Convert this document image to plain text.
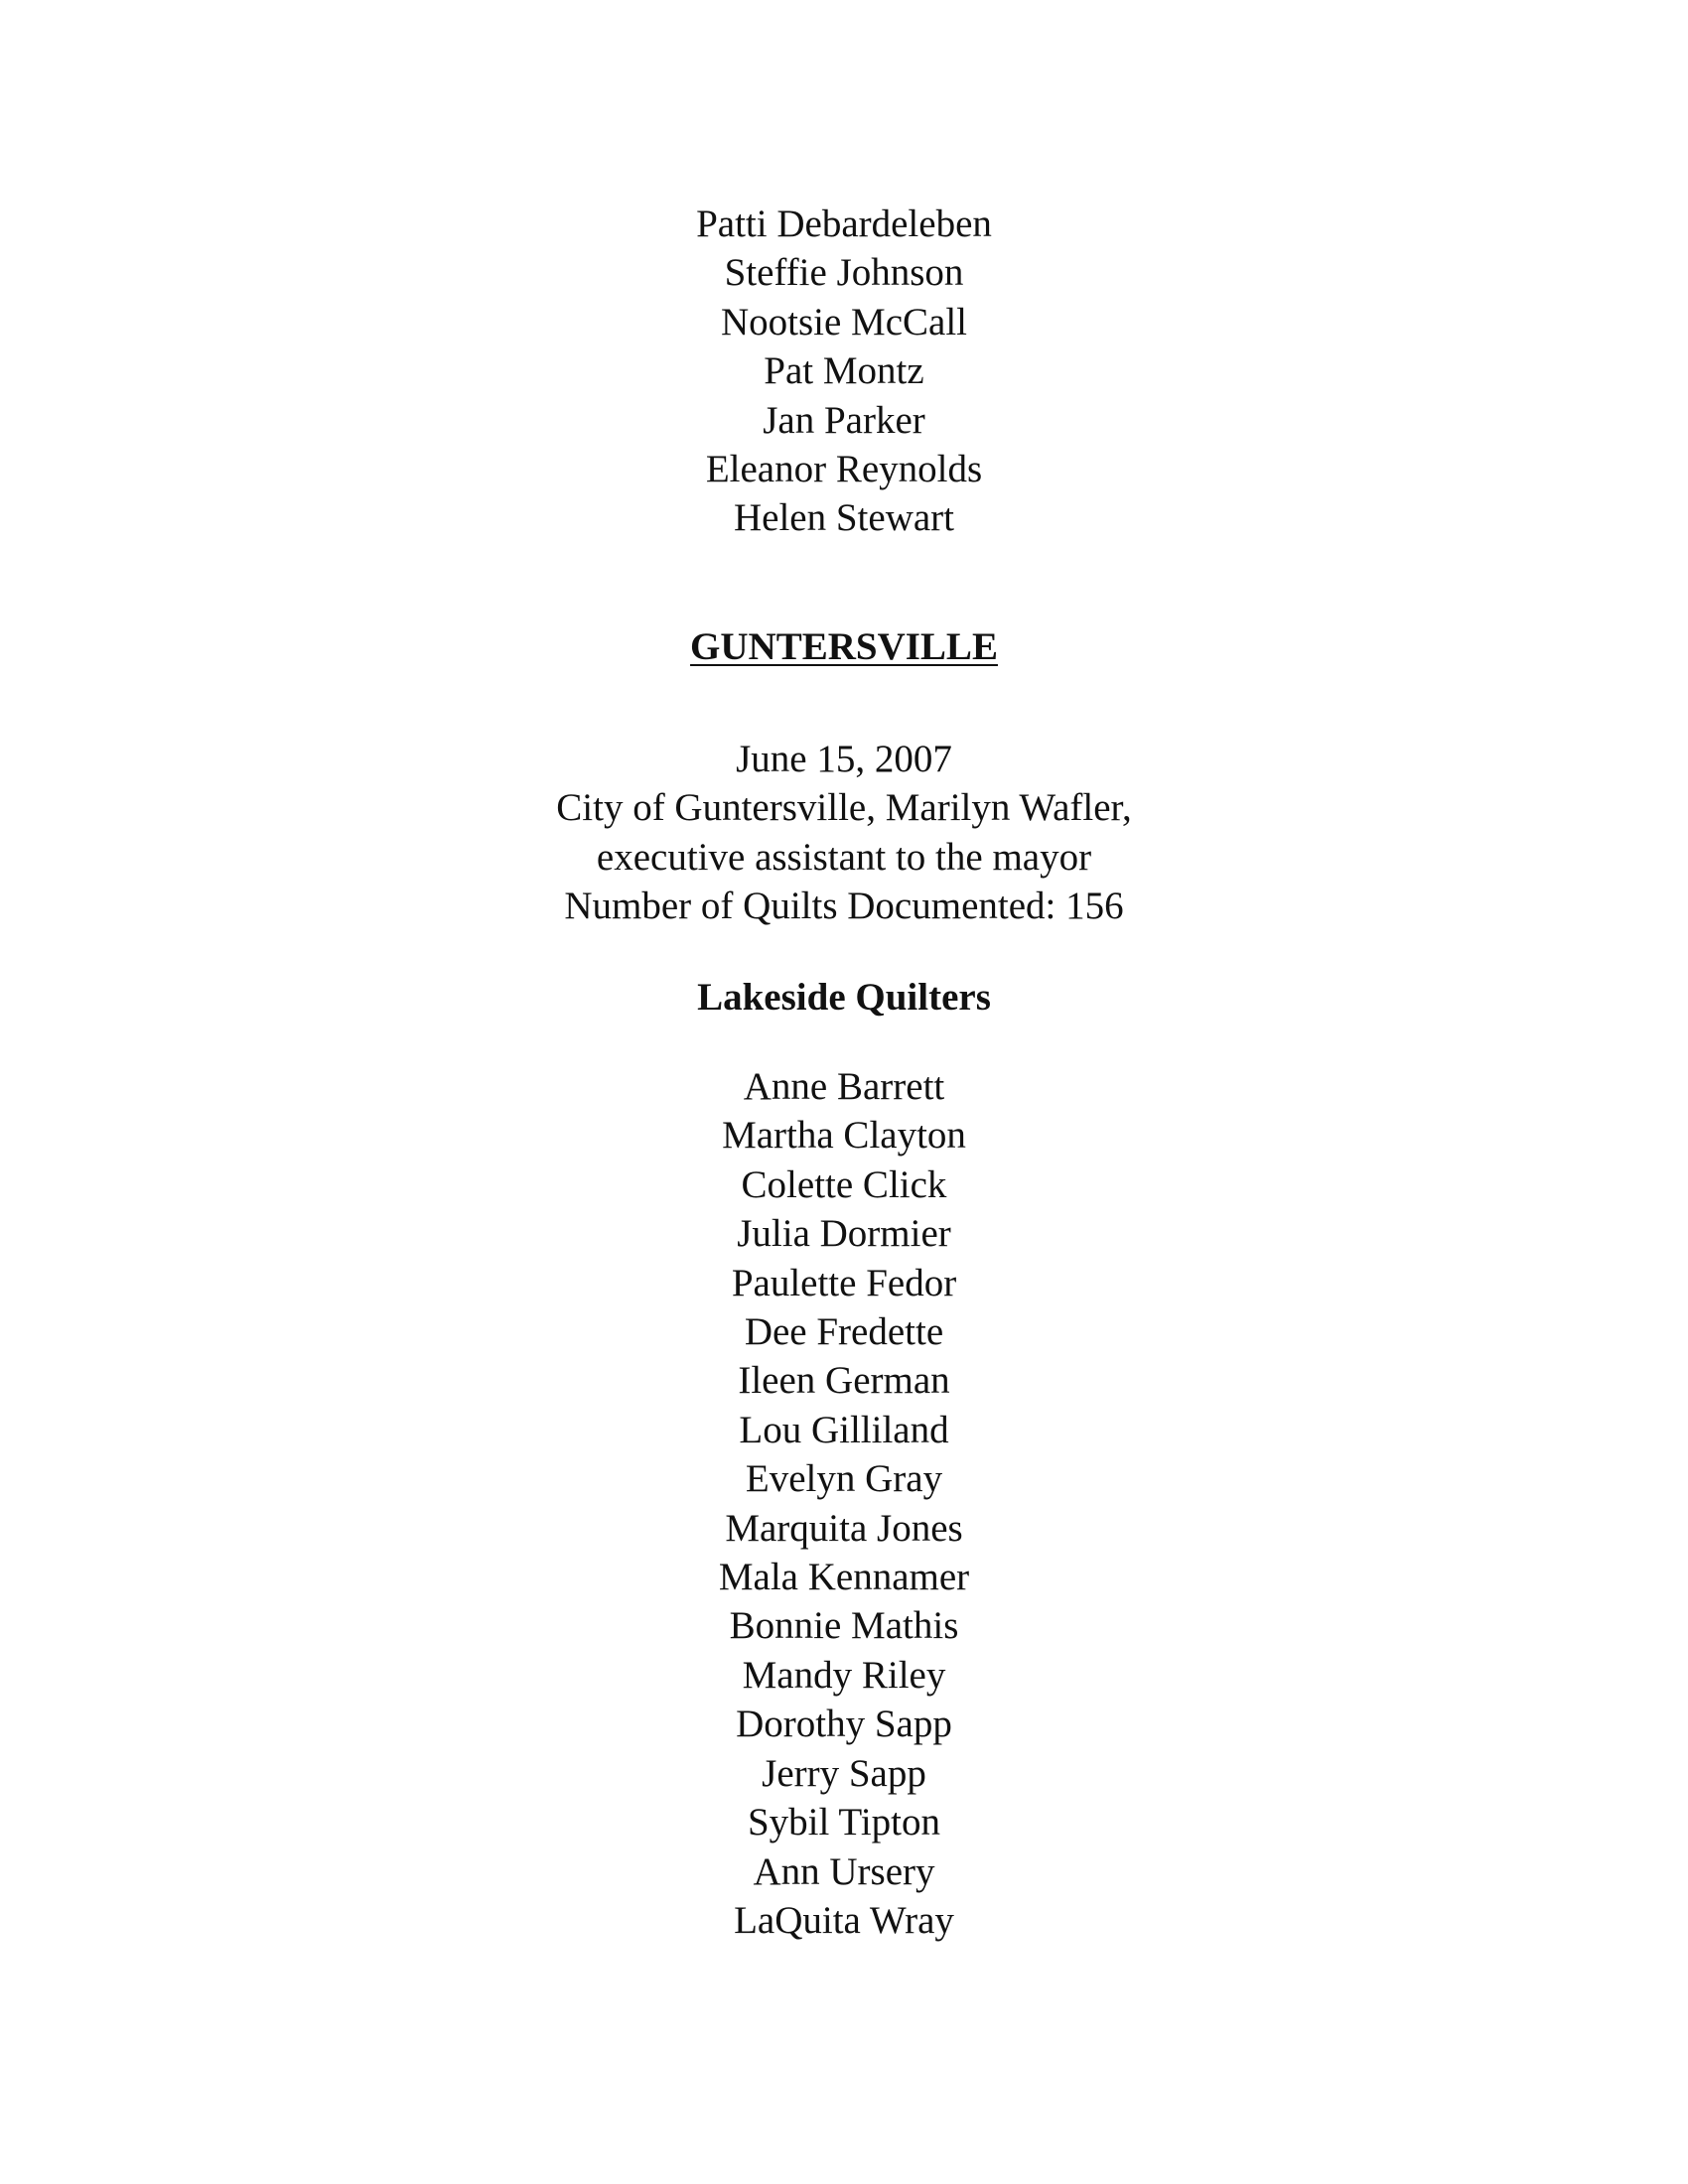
Patti Debardeleben
Steffie Johnson
Nootsie McCall
Pat Montz
Jan Parker
Eleanor Reynolds
Helen Stewart
GUNTERSVILLE
June 15, 2007
City of Guntersville, Marilyn Wafler,
executive assistant to the mayor
Number of Quilts Documented: 156
Lakeside Quilters
Anne Barrett
Martha Clayton
Colette Click
Julia Dormier
Paulette Fedor
Dee Fredette
Ileen German
Lou Gilliland
Evelyn Gray
Marquita Jones
Mala Kennamer
Bonnie Mathis
Mandy Riley
Dorothy Sapp
Jerry Sapp
Sybil Tipton
Ann Ursery
LaQuita Wray
